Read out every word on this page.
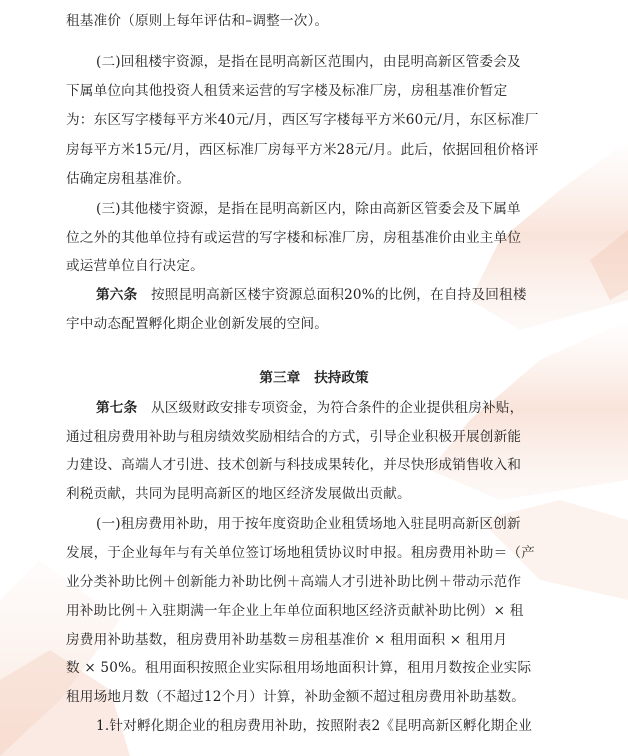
租基准价（原则上每年评估和–调整一次）。
(二)回租楼宇资源，是指在昆明高新区范围内，由昆明高新区管委会及
下属单位向其他投资人租赁来运营的写字楼及标准厂房，房租基准价暂定
为：东区写字楼每平方米40元/月，西区写字楼每平方米60元/月，东区标准厂
房每平方米15元/月，西区标准厂房每平方米28元/月。此后，依据回租价格评
估确定房租基准价。
(三)其他楼宇资源，是指在昆明高新区内，除由高新区管委会及下属单
位之外的其他单位持有或运营的写字楼和标准厂房，房租基准价由业主单位
或运营单位自行决定。
第六条 按照昆明高新区楼宇资源总面积20%的比例，在自持及回租楼
宇中动态配置孵化期企业创新发展的空间。
第三章 扶持政策
第七条 从区级财政安排专项资金，为符合条件的企业提供租房补贴，
通过租房费用补助与租房绩效奖励相结合的方式，引导企业积极开展创新能
力建设、高端人才引进、技术创新与科技成果转化，并尽快形成销售收入和
利税贡献，共同为昆明高新区的地区经济发展做出贡献。
(一)租房费用补助，用于按年度资助企业租赁场地入驻昆明高新区创新
发展，于企业每年与有关单位签订场地租赁协议时申报。租房费用补助＝（产
业分类补助比例＋创新能力补助比例＋高端人才引进补助比例＋带动示范作
用补助比例＋入驻期满一年企业上年单位面积地区经济贡献补助比例）× 租
房费用补助基数，租房费用补助基数＝房租基准价 × 租用面积 × 租用月
数 × 50%。租用面积按照企业实际租用场地面积计算，租用月数按企业实际
租用场地月数（不超过12个月）计算，补助金额不超过租房费用补助基数。
1.针对孵化期企业的租房费用补助，按照附表2《昆明高新区孵化期企业
